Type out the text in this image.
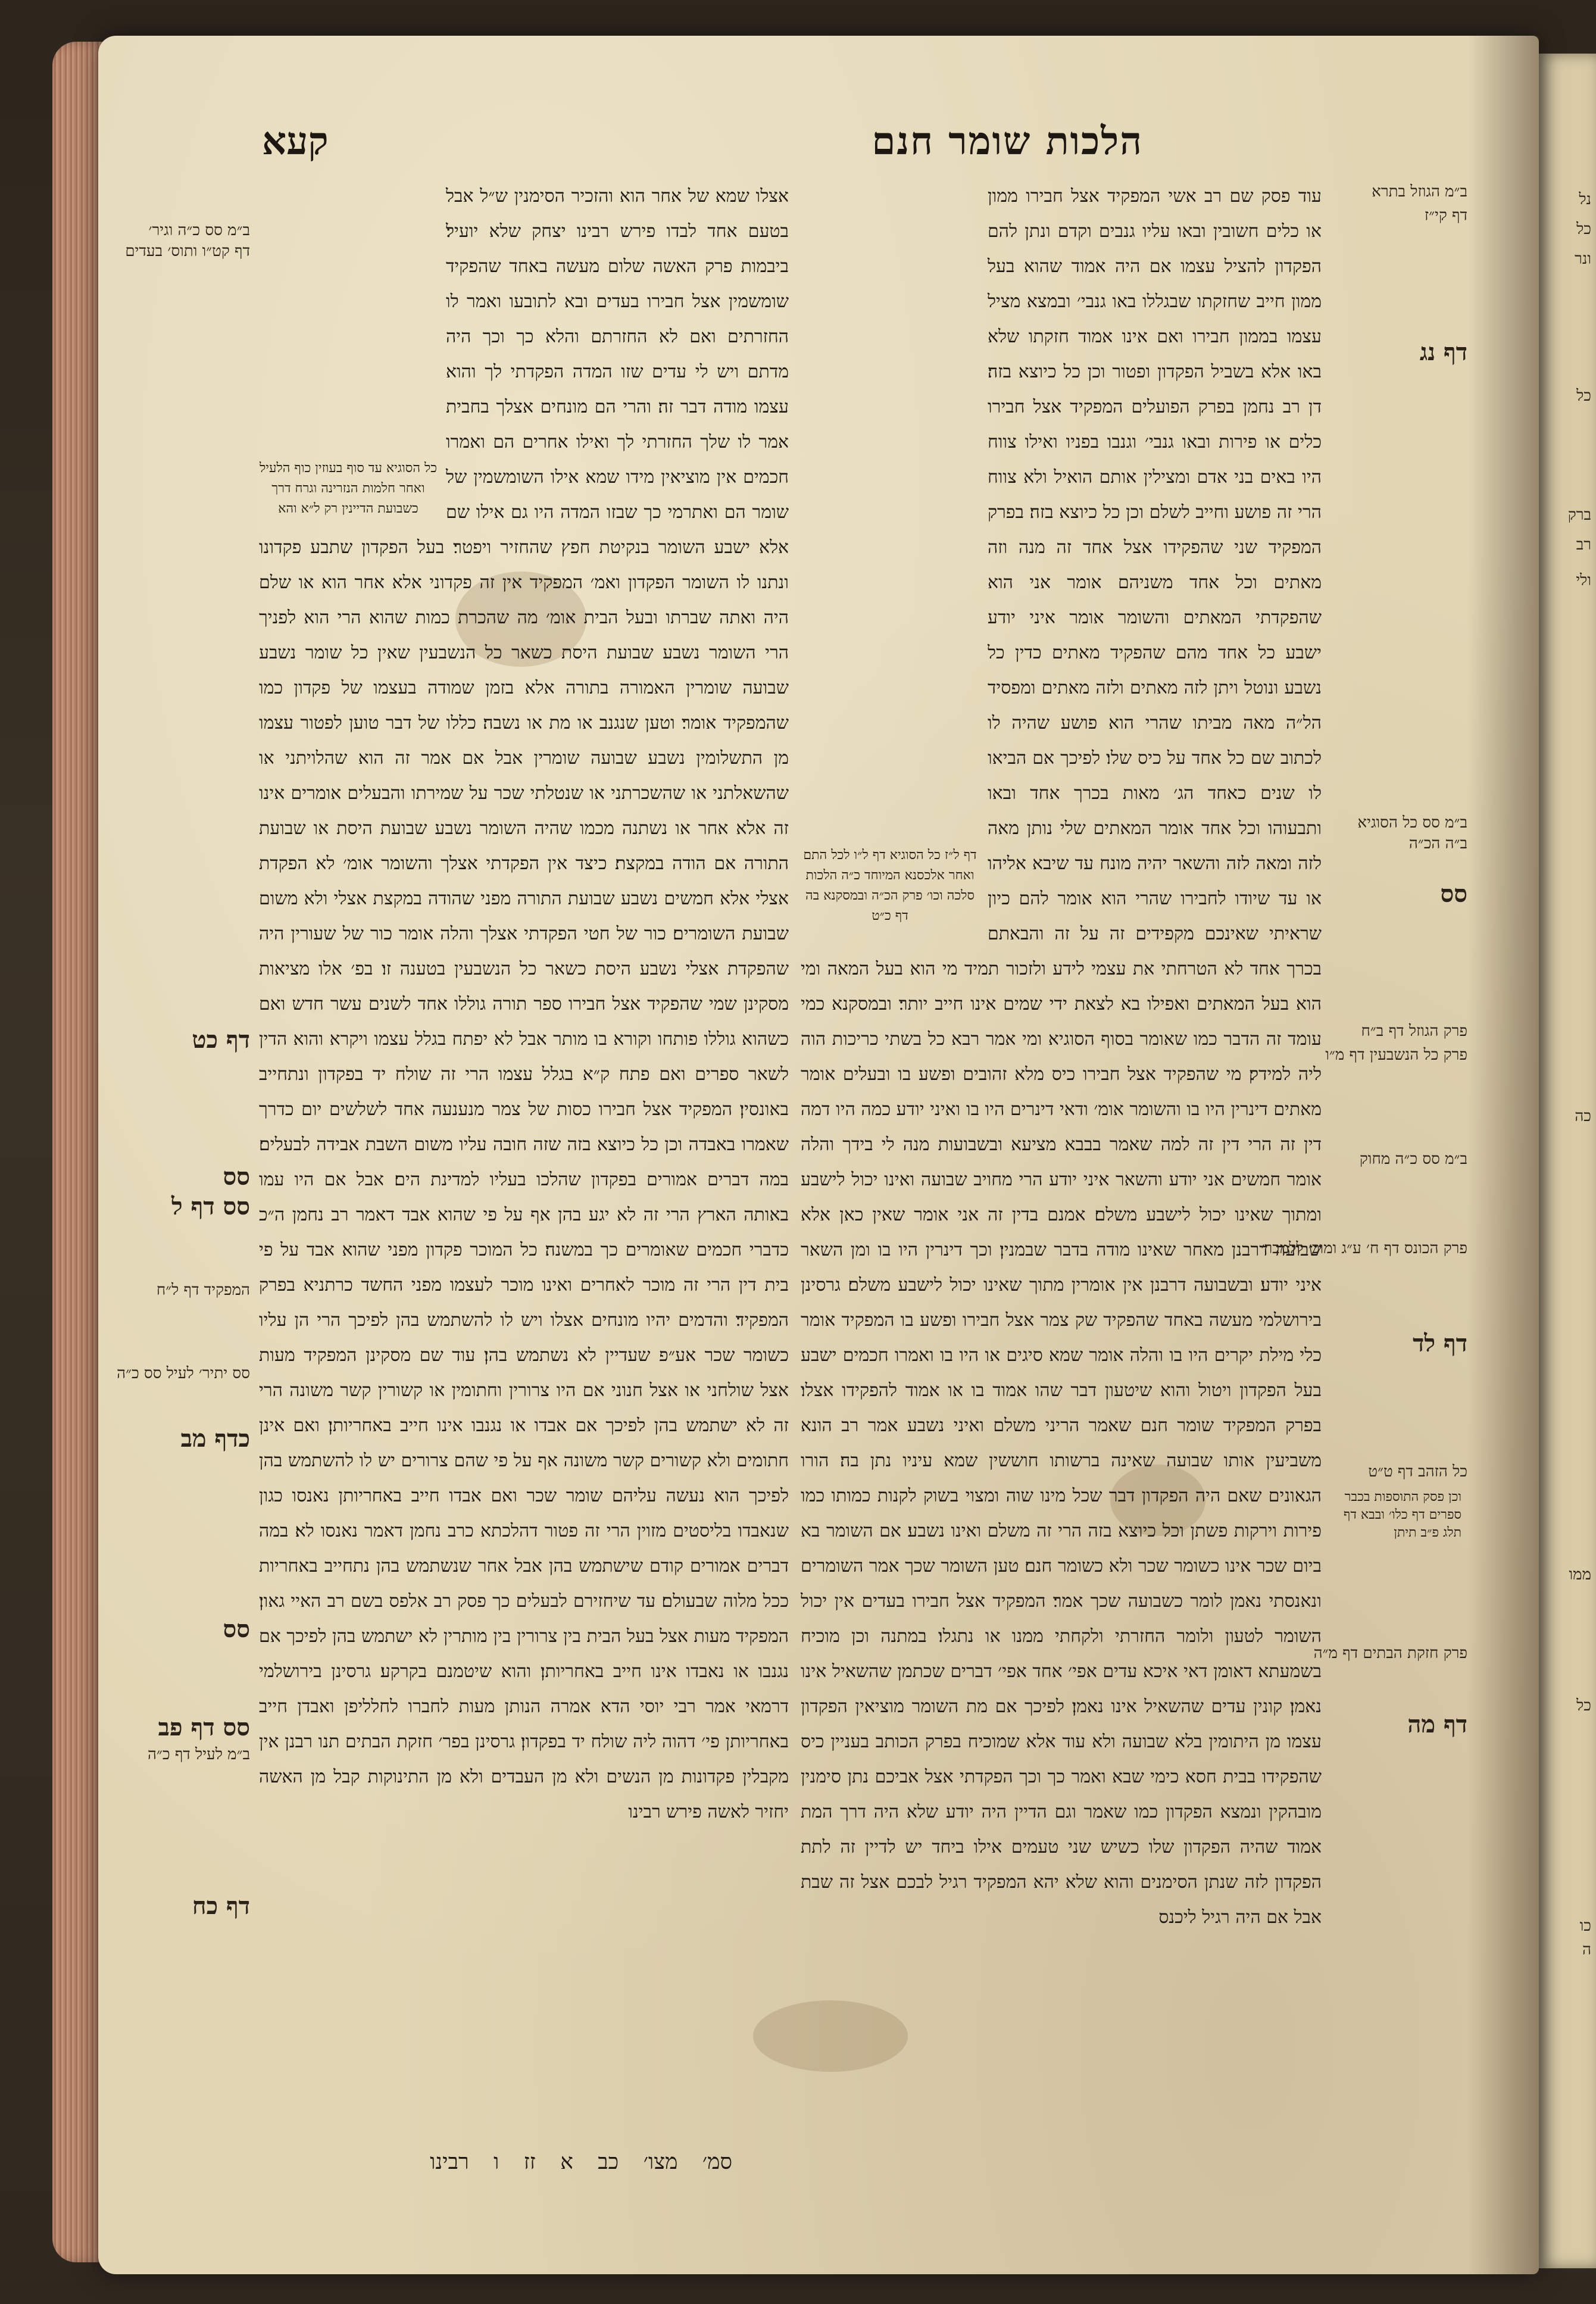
נל
כל
ונר
כל
ברק
רב
ולי
כה
ממו
כל
כו
ה
הלכות שומר חנם
קעא
דף ל״ז כל הסוגיא דף ל״ו לכל התם ואחר אלכסנא המיוחד כ״ה הלכות סלכה וכו׳ פרק הכ״ה ובמסקנא בה דף כ״ט

עוד פסק שם רב אשי המפקיד אצל חבירו ממון או כלים חשובין ובאו עליו גנבים וקדם ונתן להם הפקדון להציל עצמו אם היה אמוד שהוא בעל ממון חייב שחזקתו שבגללו באו גנבי׳ ובמצא מציל עצמו בממון חבירו ואם אינו אמוד חזקתו שלא באו אלא בשביל הפקדון ופטור וכן כל כיוצא בזה׃ דן רב נחמן בפרק הפועלים המפקיד אצל חבירו כלים או פירות ובאו גנבי׳ וגנבו בפניו ואילו צווח היו באים בני אדם ומצילין אותם הואיל ולא צווח הרי זה פושע וחייב לשלם וכן כל כיוצא בזה׃ בפרק המפקיד שני שהפקידו אצל אחד זה מנה וזה מאתים וכל אחד משניהם אומר אני הוא שהפקדתי המאתים והשומר אומר איני יודע ישבע כל אחד מהם שהפקיד מאתים כדין כל נשבע ונוטל ויתן לזה מאתים ולזה מאתים ומפסיד הל״ה מאה מביתו שהרי הוא פושע שהיה לו לכתוב שם כל אחד על כיס שלו׃ לפיכך אם הביאו לו שנים כאחד הג׳ מאות בכרך אחד ובאו ותבעוהו וכל אחד אומר המאתים שלי נותן מאה לזה ומאה לזה והשאר יהיה מונח עד שיבא אליהו או עד שיודו לחבירו שהרי הוא אומר להם כיון שראיתי שאינכם מקפידים זה על זה והבאתם בכרך אחד לא הטרחתי את עצמי לידע ולזכור תמיד מי הוא בעל המאה ומי הוא בעל המאתים ואפילו בא לצאת ידי שמים אינו חייב יותר׃ ובמסקנא כמי עומד זה הדבר כמו שאומר בסוף הסוגיא ומי אמר רבא כל בשתי כריכות הוה ליה למידק׃ מי שהפקיד אצל חבירו כיס מלא זהובים ופשע בו ובעלים אומר מאתים דינרין היו בו והשומר אומ׳ ודאי דינרים היו בו ואיני יודע כמה היו דמה דין זה הרי דין זה למה שאמר בבבא מציעא ובשבועות מנה לי בידך והלה אומר חמשים אני יודע והשאר איני יודע הרי מחויב שבועה ואינו יכול לישבע ומתוך שאינו יכול לישבע משלם׃ אמנם בדין זה אני אומר שאין כאן אלא שבועה דרבנן מאחר שאינו מודה בדבר שבמנין׃ וכך דינרין היו בו ומן השאר איני יודע׃ ובשבועה דרבנן אין אומרין מתוך שאינו יכול לישבע משלם׃ גרסינן בירושלמי מעשה באחד שהפקיד שק צמר אצל חבירו ופשע בו המפקיד אומר כלי מילת יקרים היו בו והלה אומר שמא סיגים או היו בו ואמרו חכמים ישבע בעל הפקדון ויטול והוא שיטעון דבר שהו אמוד בו או אמוד להפקידו אצלו׃ בפרק המפקיד שומר חנם שאמר הריני משלם ואיני נשבע אמר רב הונא משביעין אותו שבועה שאינה ברשותו חוששין שמא עיניו נתן בה׃ הורו הגאונים שאם היה הפקדון דבר שכל מינו שוה ומצוי בשוק לקנות כמותו כמו פירות וירקות פשתן וכל כיוצא בזה הרי זה משלם ואינו נשבע׃ אם השומר בא ביום שכר אינו כשומר שכר ולא כשומר חנם׃ טען השומר שכך אמר השומרים ונאנסתי נאמן לומר כשבועה שכך אמר׃ המפקיד אצל חבירו בעדים אין יכול השומר לטעון ולומר החזרתי ולקחתי ממנו או נתגלו׃ במתנה וכן מוכיח בשמעתא דאומן דאי איכא עדים אפי׳ אחד אפי׳ דברים שכתמן שהשאיל אינו נאמן׃ קונין עדים שהשאיל אינו נאמן׃ לפיכך אם מת השומר מוציאין הפקדון עצמו מן היתומין בלא שבועה ולא עוד אלא שמוכיח בפרק הכותב בעניין כיס שהפקידו בבית חסא כימי שבא ואמר כך וכך הפקדתי אצל אביכם נתן סימנין מובהקין ונמצא הפקדון כמו שאמר וגם הדיין היה יודע שלא היה דרך המת אמוד שהיה הפקדון שלו כשיש שני טעמים אילו ביחד יש לדיין זה לתת הפקדון לזה שנתן הסימנים והוא שלא יהא המפקיד רגיל לבכם אצל זה שבת אבל אם היה רגיל ליכנס

כל הסוגיא עד סוף בעוזין כוף הלעיל ואחר חלמות הנזרינה וגרח דרך כשבועת הדיינין רק ל״א והא

אצלו שמא של אחר הוא והזכיר הסימנין ש״ל אבל בטעם אחד לבדו פירש רבינו יצחק שלא יועיל׃ ביבמות פרק האשה שלום מעשה באחד שהפקיד שומשמין אצל חבירו בעדים ובא לתובעו ואמר לו החזרתים ואם לא החזרתם והלא כך וכך היה מדתם ויש לי עדים שזו המדה הפקדתי לך והוא עצמו מודה דבר זה׃ והרי הם מונחים אצלך בחבית אמר לו שלך החזרתי לך ואילו אחרים הם ואמרו חכמים אין מוציאין מידו שמא אילו השומשמין של שומר הם ואתרמי כך שבזו המדה היו גם אילו שם אלא ישבע השומר בנקיטת חפץ שהחזיר ויפטר׃ בעל הפקדון שתבע פקדונו ונתנו לו השומר הפקדון ואמ׳ המפקיד אין זה פקדוני אלא אחר הוא או שלם היה ואתה שברתו ובעל הבית אומ׳ מה שהכרת כמות שהוא הרי הוא לפניך הרי השומר נשבע שבועת היסת כשאר כל הנשבעין שאין כל שומר נשבע שבועה שומרין האמורה בתורה אלא בזמן שמודה בעצמו של פקדון כמו שהמפקיד אומר׃ וטען שנגנב או מת או נשבה׃ כללו של דבר טוען לפטור עצמו מן התשלומין נשבע שבועה שומרין אבל אם אמר זה הוא שהלויתני או שהשאלתני או שהשכרתני או שנטלתי שכר על שמירתו והבעלים אומרים אינו זה אלא אחר או נשתנה מכמו שהיה השומר נשבע שבועת היסת או שבועת התורה אם הודה במקצת׃ כיצד אין הפקדתי אצלך והשומר אומ׳ לא הפקדת אצלי אלא חמשים נשבע שבועת התורה מפני שהודה במקצת אצלי ולא משום שבועת השומרים׃ כור של חטי הפקדתי אצלך והלה אומר כור של שעורין היה שהפקדת אצלי נשבע היסת כשאר כל הנשבעין בטענה זו׃ בפ׳ אלו מציאות מסקינן שמי שהפקיד אצל חבירו ספר תורה גוללו אחד לשנים עשר חדש ואם כשהוא גוללו פותחו וקורא בו מותר אבל לא יפתח בגלל עצמו ויקרא והוא הדין לשאר ספרים ואם פתח ק״א בגלל עצמו הרי זה שולח יד בפקדון ונתחייב באונסין׃ המפקיד אצל חבירו כסות של צמר מנענעה אחד לשלשים יום כדרך שאמרו באבדה וכן כל כיוצא בזה שזה חובה עליו משום השבת אבידה לבעלים׃ במה דברים אמורים בפקדון שהלכו בעליו למדינת הים׃ אבל אם היו עמו באותה הארץ הרי זה לא יגע בהן אף על פי שהוא אבד דאמר רב נחמן ה״כ כדברי חכמים שאומרים כך במשנה׃ כל המוכר פקדון מפני שהוא אבד על פי בית דין הרי זה מוכר לאחרים ואינו מוכר לעצמו מפני החשד כרתניא בפרק המפקיד׃ והדמים יהיו מונחים אצלו ויש לו להשתמש בהן לפיכך הרי הן עליו כשומר שכר אע״פ שעדיין לא נשתמש בהן׃ עוד שם מסקינן המפקיד מעות אצל שולחני או אצל חנוני אם היו צרורין וחתומין או קשורין קשר משונה הרי זה לא ישתמש בהן לפיכך אם אבדו או נגנבו אינו חייב באחריותן׃ ואם אינן חתומים ולא קשורים קשר משונה אף על פי שהם צרורים יש לו להשתמש בהן לפיכך הוא נעשה עליהם שומר שכר ואם אבדו חייב באחריותן נאנסו כגון שנאבדו בליסטים מזוין הרי זה פטור דהלכתא כרב נחמן דאמר נאנסו לא׃ במה דברים אמורים קודם שישתמש בהן אבל אחר שנשתמש בהן נתחייב באחריות ככל מלוה שבעולם׃ עד שיחזירם לבעלים כך פסק רב אלפס בשם רב האיי גאון׃ המפקיד מעות אצל בעל הבית בין צרורין בין מותרין לא ישתמש בהן לפיכך אם נגנבו או נאבדו אינו חייב באחריותן׃ והוא שיטמנם בקרקע׃ גרסינן בירושלמי דרמאי אמר רבי יוסי הדא אמרה הנותן מעות לחברו לחלליפן ואבדן חייב באחריותן פי׳ דהוה ליה שולח יד בפקדון׃ גרסינן בפר׳ חזקת הבתים תנו רבנן אין מקבלין פקדונות מן הנשים ולא מן העבדים ולא מן התינוקות קבל מן האשה יחזיר לאשה פירש רבינו

ב״מ הגוזל בתרא
דף קי״ז
דף נג
ב״מ סס כל הסוגיא
ב״ה הכ״ה
סס
פרק הגוזל דף ב״ח
פרק כל הנשבעין דף מ״ו
ב״מ סס כ״ה מחוק
פרק הכונס דף ח׳ ע״ג ומוכ׳ ללמבר׳
דף לד
כל הזהב דף ט״ט
וכן פסק התוספות בכבר ספרים דף כלו׳ ובבא דף תלג פ״ב תיתן
פרק חזקת הבתים דף מ״ה
דף מה
ב״מ סס כ״ה וגיר׳
דף קט״ו ותוס׳ בעדים
דף כט
סס
סס דף ל
המפקיד דף ל״ח
סס יתיר׳ לעיל סס כ״ה
כדף מב
סס
סס דף פב
ב״מ לעיל דף כ״ה
דף כח
סמ׳ מצו׳ כב א זז ו רבינו
